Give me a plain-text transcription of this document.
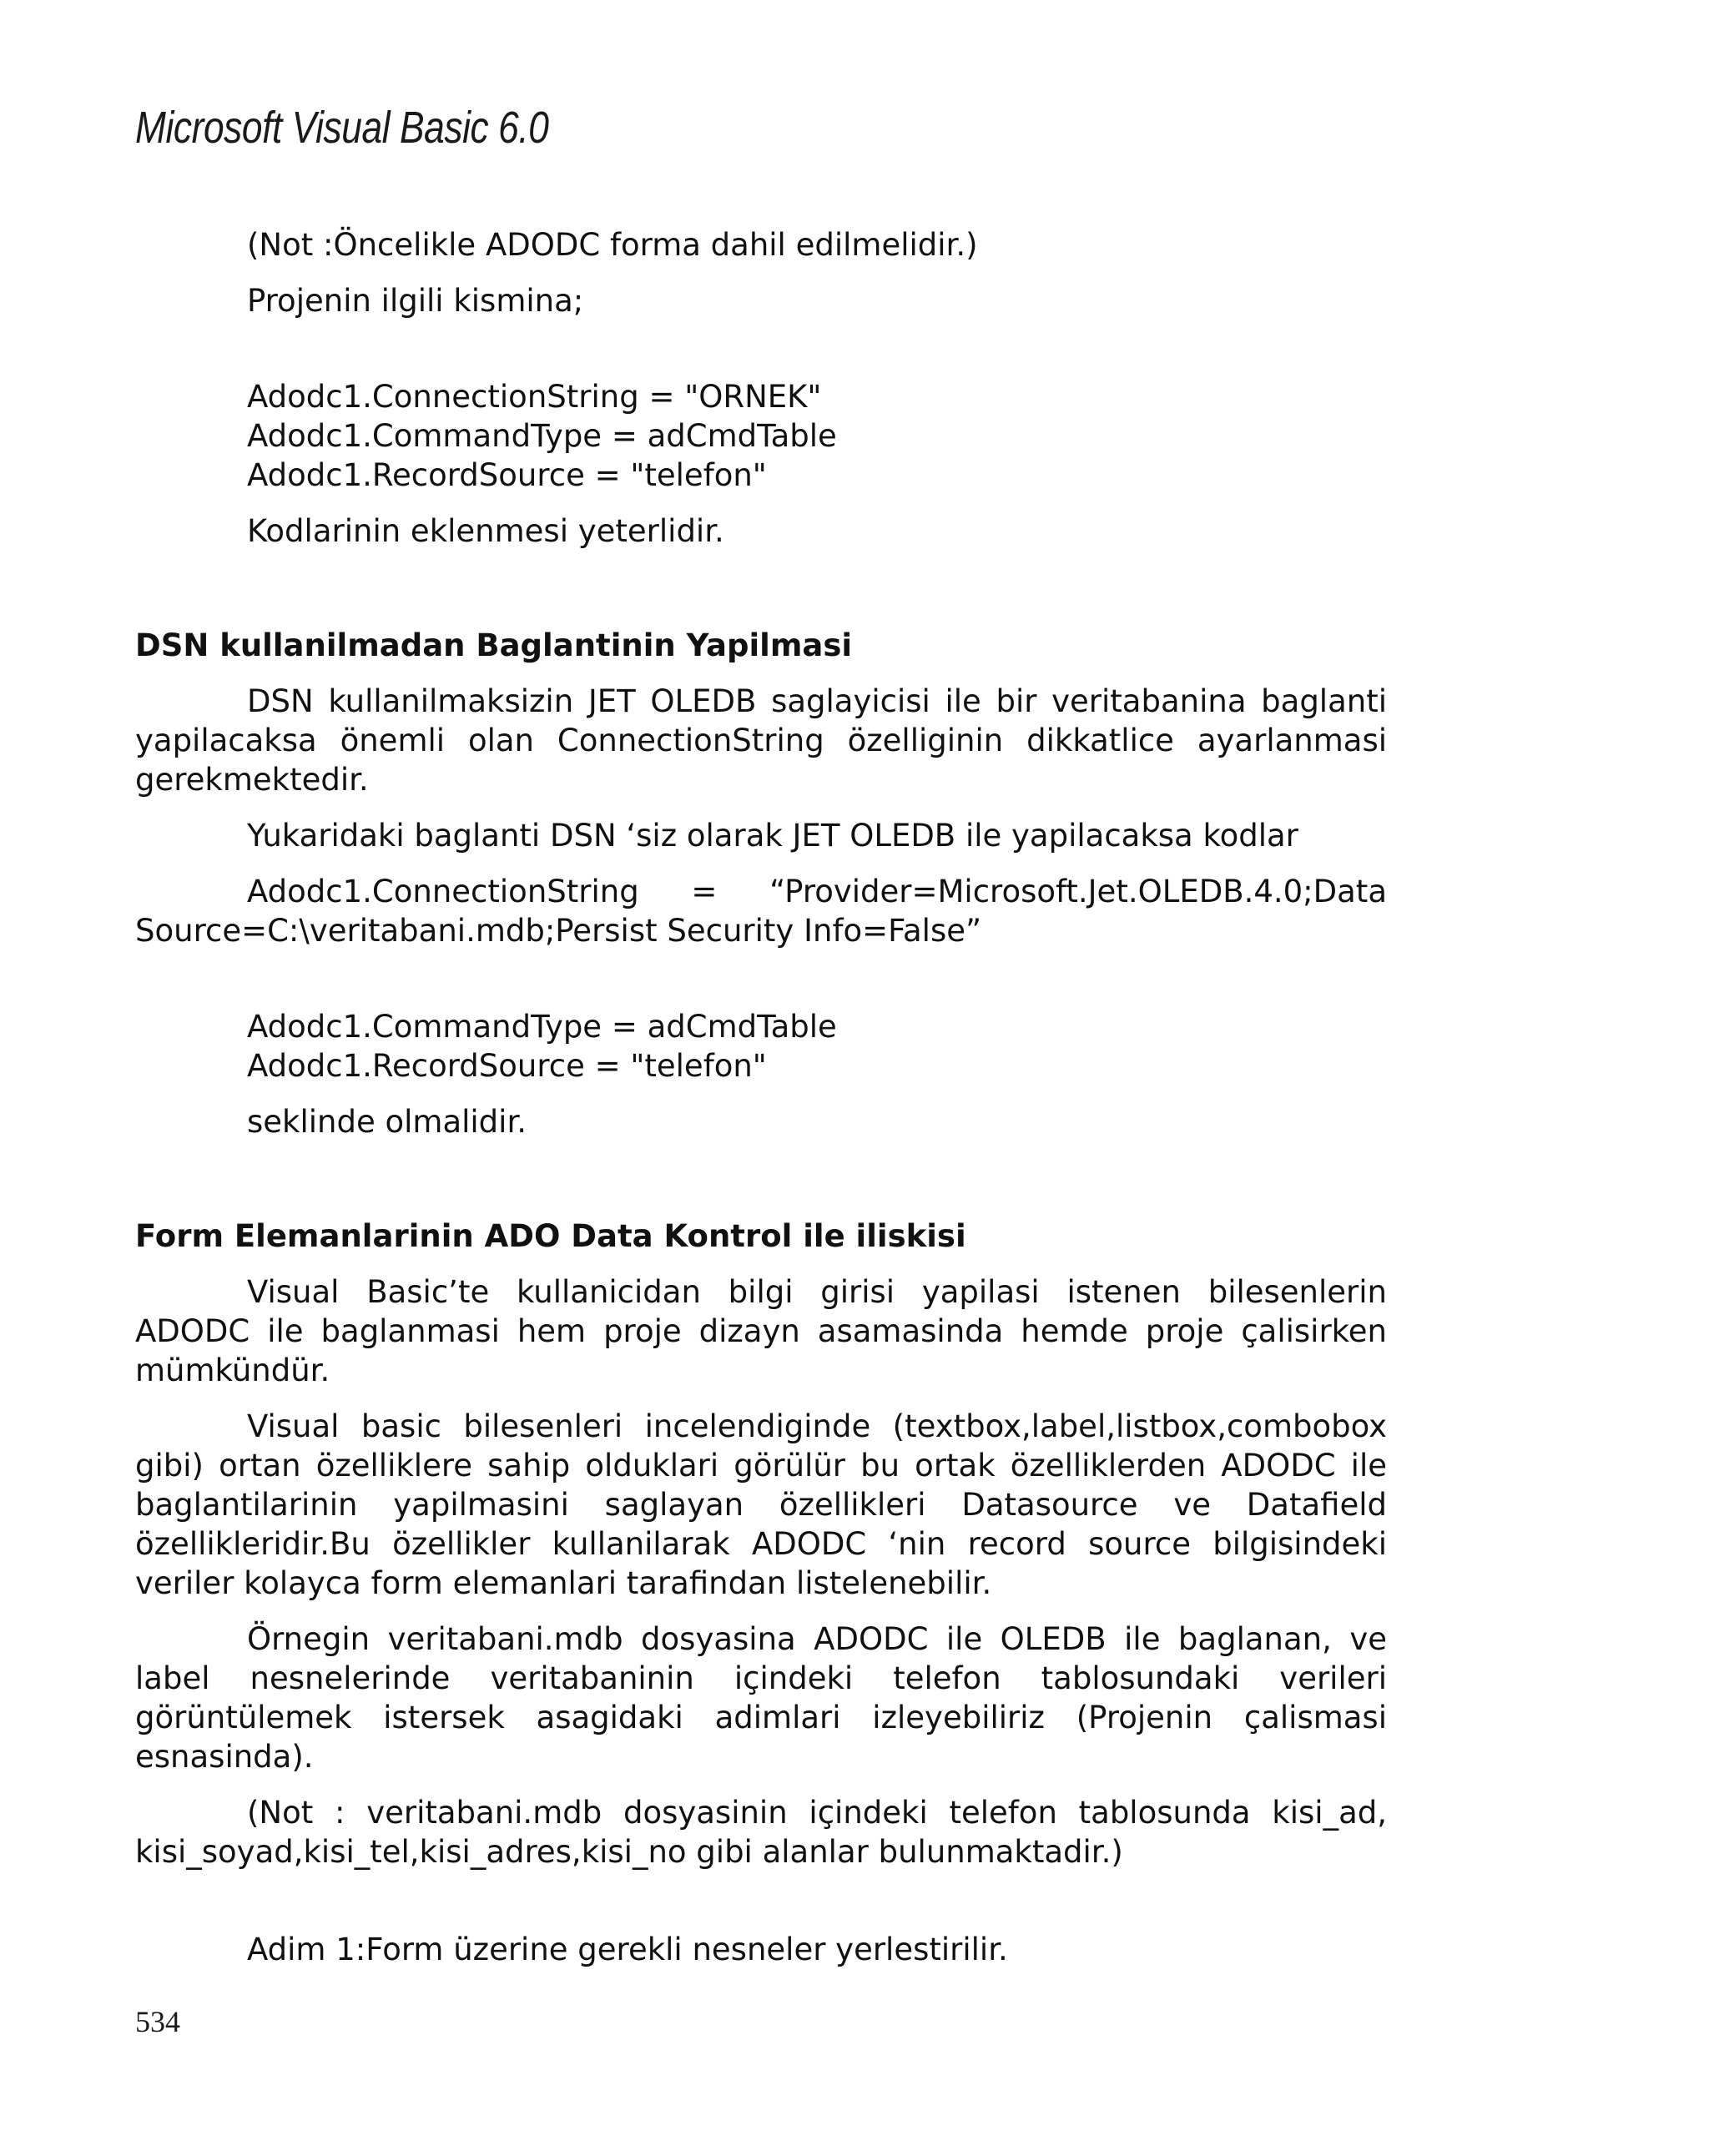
Microsoft Visual Basic 6.0

(Not :Öncelikle ADODC forma dahil edilmelidir.)

Projenin ilgili kismina;

Adodc1.ConnectionString = "ORNEK"

Adodc1.CommandType = adCmdTable

Adodc1.RecordSource = "telefon"

Kodlarinin eklenmesi yeterlidir.

DSN kullanilmadan Baglantinin Yapilmasi

DSN kullanilmaksizin JET OLEDB saglayicisi ile bir veritabanina baglanti yapilacaksa önemli olan ConnectionString özelliginin dikkatlice ayarlanmasi gerekmektedir.

Yukaridaki baglanti DSN ‘siz olarak JET OLEDB ile yapilacaksa kodlar

Adodc1.ConnectionString = “Provider=Microsoft.Jet.OLEDB.4.0;Data Source=C:\veritabani.mdb;Persist Security Info=False”

Adodc1.CommandType = adCmdTable

Adodc1.RecordSource = "telefon"

seklinde olmalidir.

Form Elemanlarinin ADO Data Kontrol ile iliskisi

Visual Basic’te kullanicidan bilgi girisi yapilasi istenen bilesenlerin ADODC ile baglanmasi hem proje dizayn asamasinda hemde proje çalisirken mümkündür.

Visual basic bilesenleri incelendiginde (textbox,label,listbox,combobox gibi) ortan özelliklere sahip olduklari görülür bu ortak özelliklerden ADODC ile baglantilarinin yapilmasini saglayan özellikleri Datasource ve Datafield özellikleridir.Bu özellikler kullanilarak ADODC ‘nin record source bilgisindeki veriler kolayca form elemanlari tarafindan listelenebilir.

Örnegin veritabani.mdb dosyasina ADODC ile OLEDB ile baglanan, ve label nesnelerinde veritabaninin içindeki telefon tablosundaki verileri görüntülemek istersek asagidaki adimlari izleyebiliriz (Projenin çalismasi esnasinda).

(Not : veritabani.mdb dosyasinin içindeki telefon tablosunda kisi_ad, kisi_soyad,kisi_tel,kisi_adres,kisi_no gibi alanlar bulunmaktadir.)

Adim 1:Form üzerine gerekli nesneler yerlestirilir.

534
